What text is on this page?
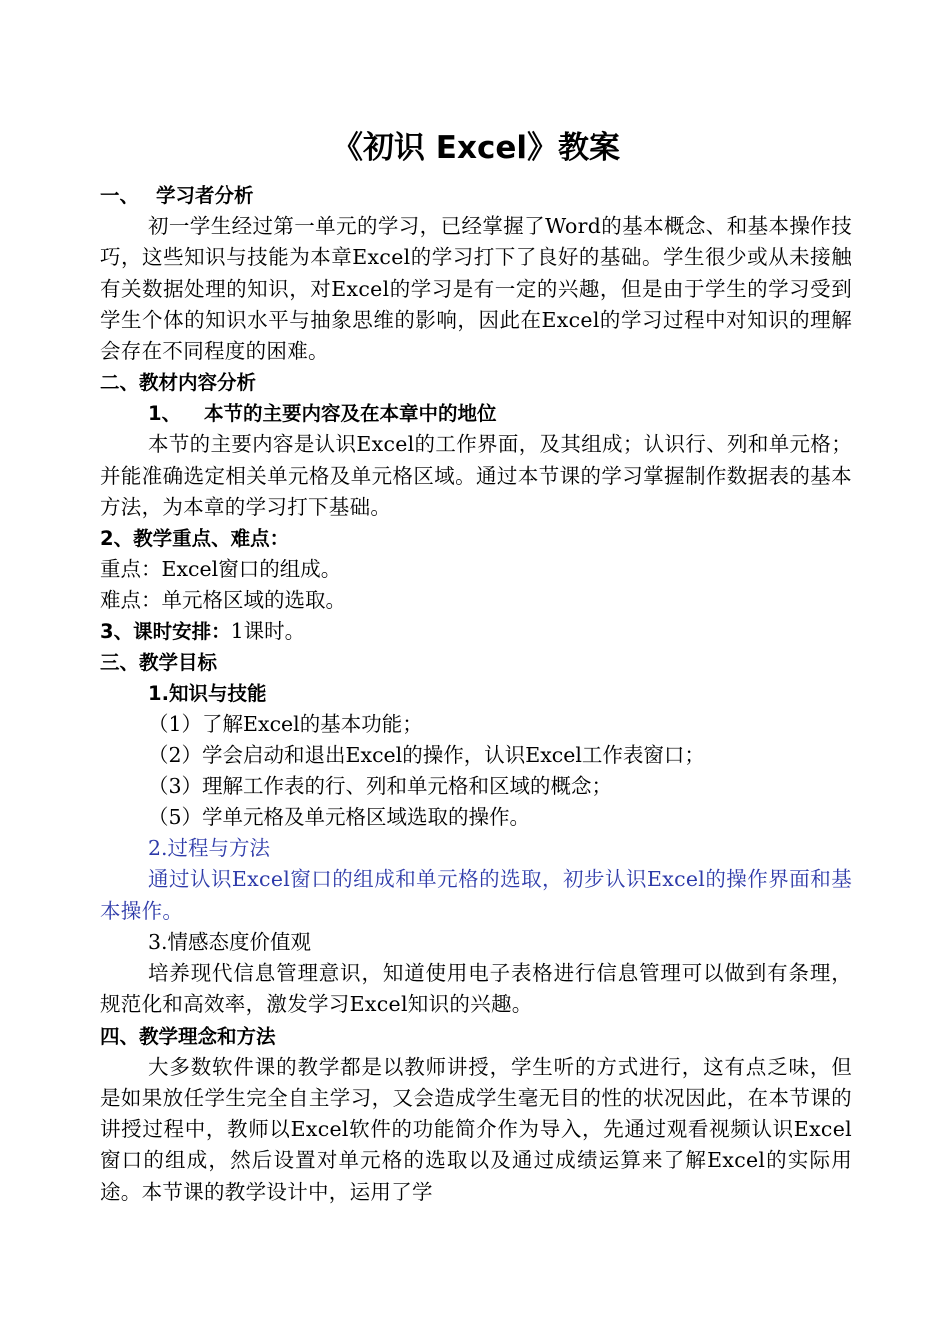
《初识 Excel》教案
一、 学习者分析

初一学生经过第一单元的学习，已经掌握了Word的基本概念、和基本操作技巧，这些知识与技能为本章Excel的学习打下了良好的基础。学生很少或从未接触有关数据处理的知识，对Excel的学习是有一定的兴趣，但是由于学生的学习受到学生个体的知识水平与抽象思维的影响，因此在Excel的学习过程中对知识的理解会存在不同程度的困难。

二、教材内容分析
1、 本节的主要内容及在本章中的地位

本节的主要内容是认识Excel的工作界面，及其组成；认识行、列和单元格；并能准确选定相关单元格及单元格区域。通过本节课的学习掌握制作数据表的基本方法，为本章的学习打下基础。

2、教学重点、难点：
重点：Excel窗口的组成。
难点：单元格区域的选取。
3、课时安排：1课时。
三、教学目标
1.知识与技能
（1）了解Excel的基本功能；
（2）学会启动和退出Excel的操作，认识Excel工作表窗口；
（3）理解工作表的行、列和单元格和区域的概念；
（5）学单元格及单元格区域选取的操作。
2.过程与方法

通过认识Excel窗口的组成和单元格的选取，初步认识Excel的操作界面和基本操作。

3.情感态度价值观

培养现代信息管理意识，知道使用电子表格进行信息管理可以做到有条理，规范化和高效率，激发学习Excel知识的兴趣。

四、教学理念和方法

大多数软件课的教学都是以教师讲授，学生听的方式进行，这有点乏味，但是如果放任学生完全自主学习，又会造成学生毫无目的性的状况因此，在本节课的讲授过程中，教师以Excel软件的功能简介作为导入，先通过观看视频认识Excel窗口的组成，然后设置对单元格的选取以及通过成绩运算来了解Excel的实际用途。本节课的教学设计中，运用了学
